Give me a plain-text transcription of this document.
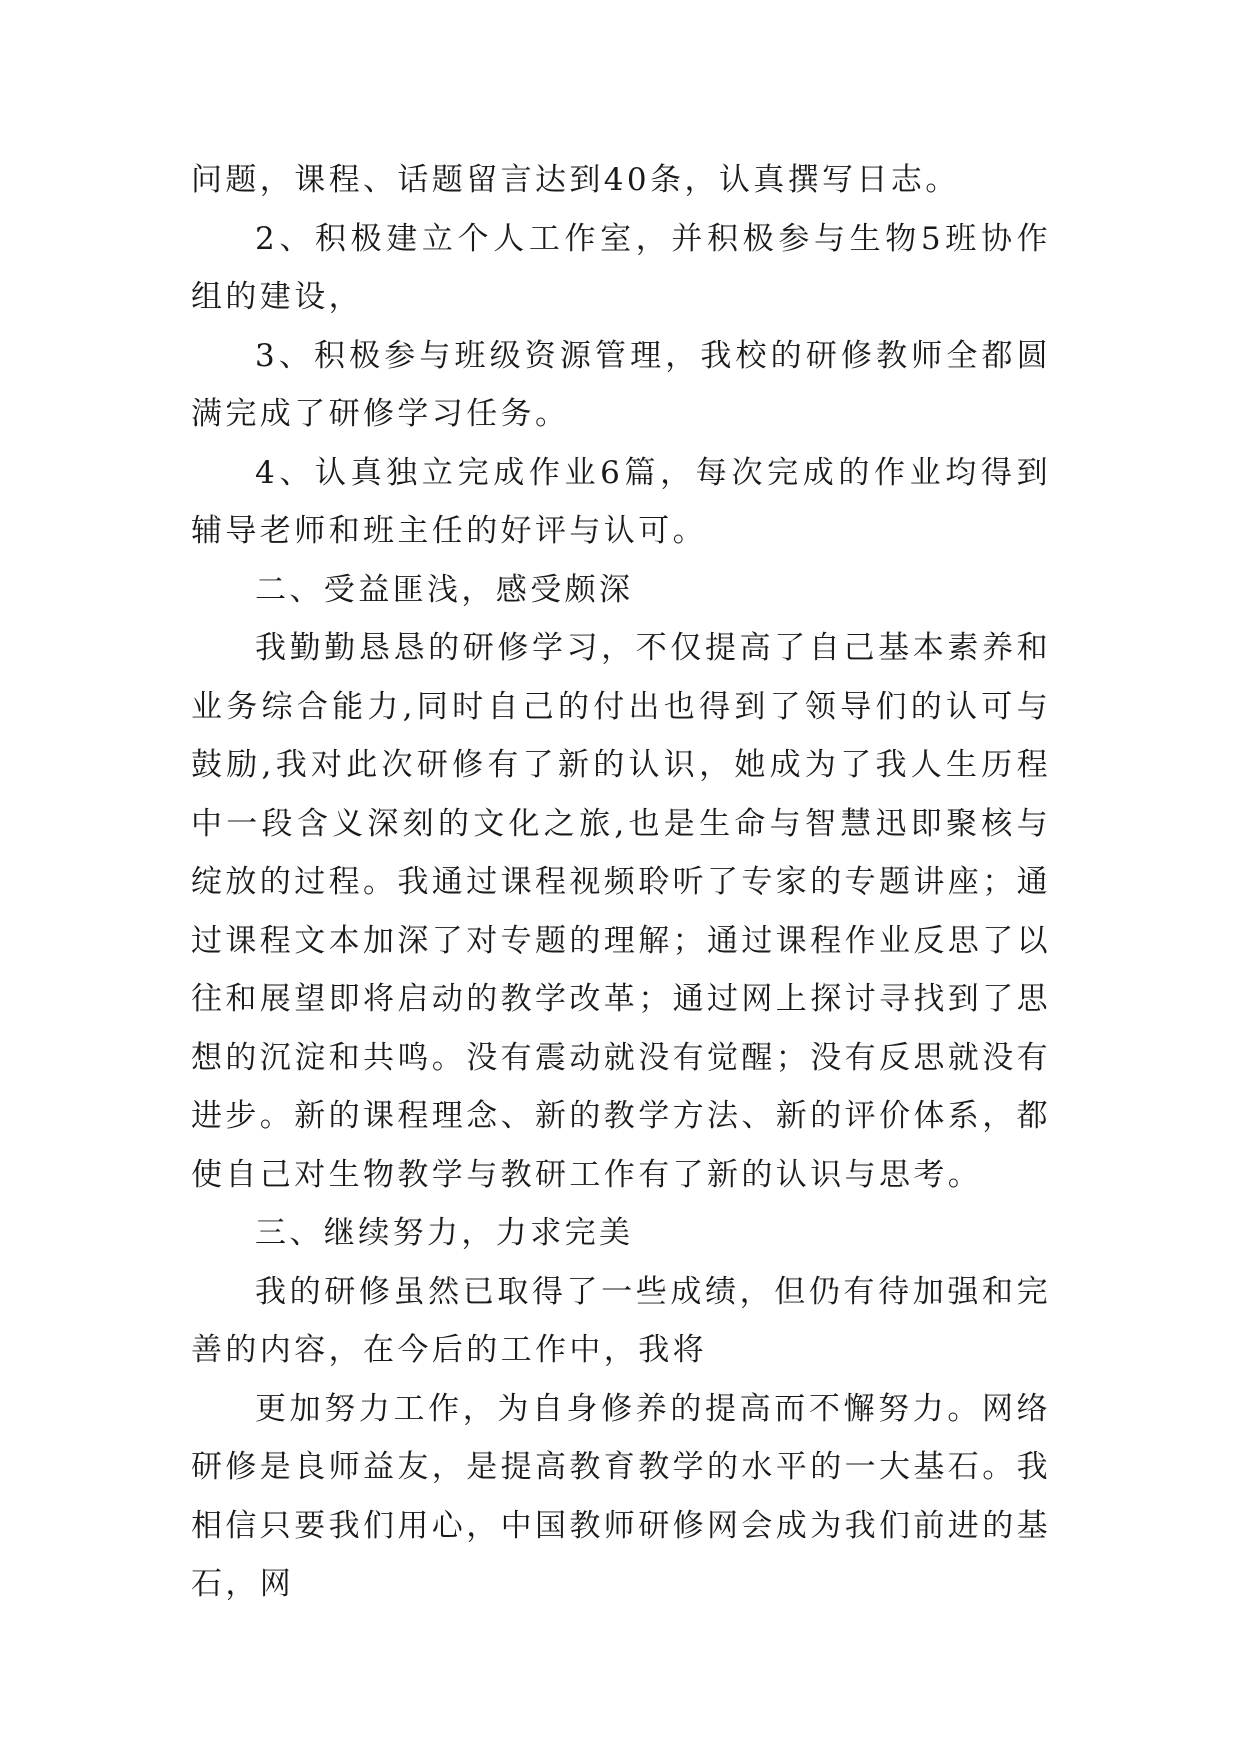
问题，课程、话题留言达到40条，认真撰写日志。

2、积极建立个人工作室，并积极参与生物5班协作组的建设，

3、积极参与班级资源管理，我校的研修教师全都圆满完成了研修学习任务。

4、认真独立完成作业6篇，每次完成的作业均得到辅导老师和班主任的好评与认可。

二、受益匪浅，感受颇深

我勤勤恳恳的研修学习，不仅提高了自己基本素养和业务综合能力,同时自己的付出也得到了领导们的认可与鼓励,我对此次研修有了新的认识，她成为了我人生历程中一段含义深刻的文化之旅,也是生命与智慧迅即聚核与绽放的过程。我通过课程视频聆听了专家的专题讲座；通过课程文本加深了对专题的理解；通过课程作业反思了以往和展望即将启动的教学改革；通过网上探讨寻找到了思想的沉淀和共鸣。没有震动就没有觉醒；没有反思就没有进步。新的课程理念、新的教学方法、新的评价体系，都使自己对生物教学与教研工作有了新的认识与思考。

三、继续努力，力求完美

我的研修虽然已取得了一些成绩，但仍有待加强和完善的内容，在今后的工作中，我将

更加努力工作，为自身修养的提高而不懈努力。网络研修是良师益友，是提高教育教学的水平的一大基石。我相信只要我们用心，中国教师研修网会成为我们前进的基石，网
